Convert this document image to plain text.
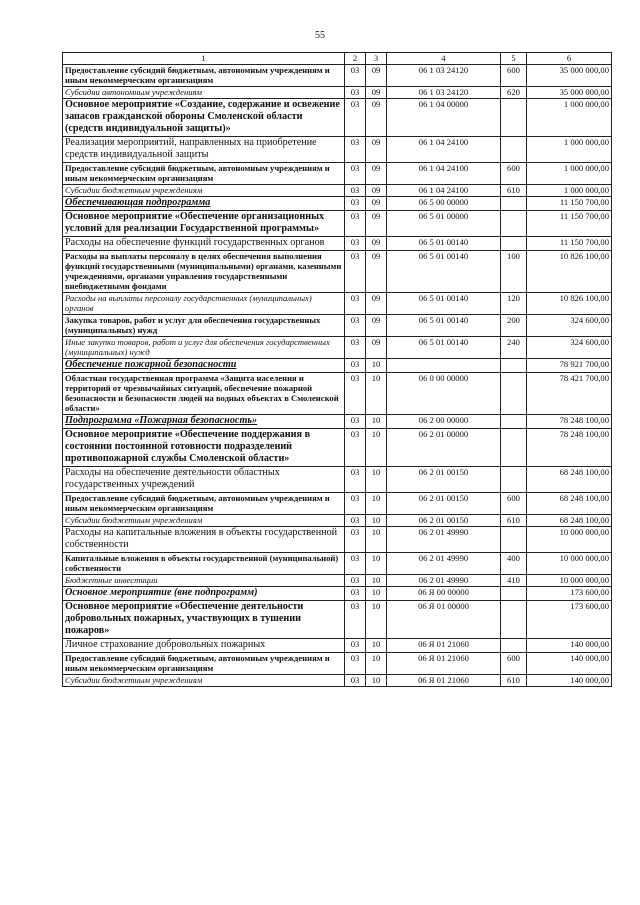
55
1	2	3	4	5	6
Предоставление субсидий бюджетным, автономным учреждениям и иным некоммерческим организациям	03	09	06 1 03 24120	600	35 000 000,00
Субсидии автономным учреждениям	03	09	06 1 03 24120	620	35 000 000,00
Основное мероприятие «Создание, содержание и освежение запасов гражданской обороны Смоленской области (средств индивидуальной защиты)»	03	09	06 1 04 00000		1 000 000,00
Реализация мероприятий, направленных на приобретение средств индивидуальной защиты	03	09	06 1 04 24100		1 000 000,00
Предоставление субсидий бюджетным, автономным учреждениям и иным некоммерческим организациям	03	09	06 1 04 24100	600	1 000 000,00
Субсидии бюджетным учреждениям	03	09	06 1 04 24100	610	1 000 000,00
Обеспечивающая подпрограмма	03	09	06 5 00 00000		11 150 700,00
Основное мероприятие «Обеспечение организационных условий для реализации Государственной программы»	03	09	06 5 01 00000		11 150 700,00
Расходы на обеспечение функций государственных органов	03	09	06 5 01 00140		11 150 700,00
Расходы на выплаты персоналу в целях обеспечения выполнения функций государственными (муниципальными) органами, казенными учреждениями, органами управления государственными внебюджетными фондами	03	09	06 5 01 00140	100	10 826 100,00
Расходы на выплаты персоналу государственных (муниципальных) органов	03	09	06 5 01 00140	120	10 826 100,00
Закупка товаров, работ и услуг для обеспечения государственных (муниципальных) нужд	03	09	06 5 01 00140	200	324 600,00
Иные закупки товаров, работ и услуг для обеспечения государственных (муниципальных) нужд	03	09	06 5 01 00140	240	324 600,00
Обеспечение пожарной безопасности	03	10			78 921 700,00
Областная государственная программа «Защита населения и территорий от чрезвычайных ситуаций, обеспечение пожарной безопасности и безопасности людей на водных объектах в Смоленской области»	03	10	06 0 00 00000		78 421 700,00
Подпрограмма «Пожарная безопасность»	03	10	06 2 00 00000		78 248 100,00
Основное мероприятие «Обеспечение поддержания в состоянии постоянной готовности подразделений противопожарной службы Смоленской области»	03	10	06 2 01 00000		78 248 100,00
Расходы на обеспечение деятельности областных государственных учреждений	03	10	06 2 01 00150		68 248 100,00
Предоставление субсидий бюджетным, автономным учреждениям и иным некоммерческим организациям	03	10	06 2 01 00150	600	68 248 100,00
Субсидии бюджетным учреждениям	03	10	06 2 01 00150	610	68 248 100,00
Расходы на капитальные вложения в объекты государственной собственности	03	10	06 2 01 49990		10 000 000,00
Капитальные вложения в объекты государственной (муниципальной) собственности	03	10	06 2 01 49990	400	10 000 000,00
Бюджетные инвестиции	03	10	06 2 01 49990	410	10 000 000,00
Основное мероприятие (вне подпрограмм)	03	10	06 Я 00 00000		173 600,00
Основное мероприятие «Обеспечение деятельности добровольных пожарных, участвующих в тушении пожаров»	03	10	06 Я 01 00000		173 600,00
Личное страхование добровольных пожарных	03	10	06 Я 01 21060		140 000,00
Предоставление субсидий бюджетным, автономным учреждениям и иным некоммерческим организациям	03	10	06 Я 01 21060	600	140 000,00
Субсидии бюджетным учреждениям	03	10	06 Я 01 21060	610	140 000,00
